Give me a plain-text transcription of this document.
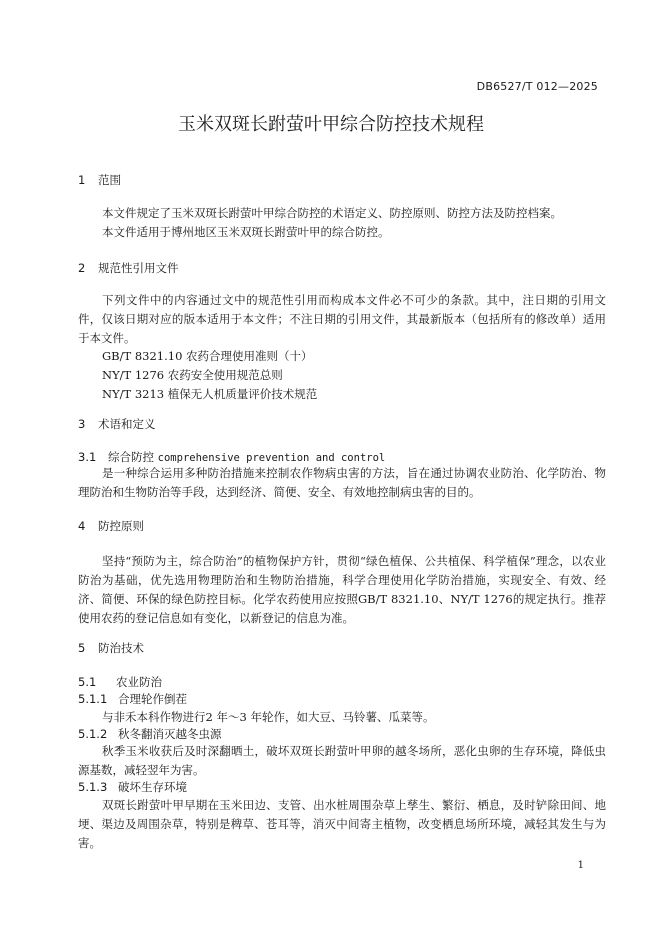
DB6527/T 012—2025
玉米双斑长跗萤叶甲综合防控技术规程
1 范围
本文件规定了玉米双斑长跗萤叶甲综合防控的术语定义、防控原则、防控方法及防控档案。
本文件适用于博州地区玉米双斑长跗萤叶甲的综合防控。
2 规范性引用文件
下列文件中的内容通过文中的规范性引用而构成本文件必不可少的条款。其中，注日期的引用文件，仅该日期对应的版本适用于本文件；不注日期的引用文件，其最新版本（包括所有的修改单）适用于本文件。
GB/T 8321.10 农药合理使用准则（十）
NY/T 1276 农药安全使用规范总则
NY/T 3213 植保无人机质量评价技术规范
3 术语和定义
3.1 综合防控 comprehensive prevention and control
是一种综合运用多种防治措施来控制农作物病虫害的方法，旨在通过协调农业防治、化学防治、物理防治和生物防治等手段，达到经济、简便、安全、有效地控制病虫害的目的。
4 防控原则
坚持“预防为主，综合防治”的植物保护方针，贯彻“绿色植保、公共植保、科学植保”理念，以农业防治为基础，优先选用物理防治和生物防治措施，科学合理使用化学防治措施，实现安全、有效、经济、简便、环保的绿色防控目标。化学农药使用应按照GB/T 8321.10、NY/T 1276的规定执行。推荐使用农药的登记信息如有变化，以新登记的信息为准。
5 防治技术
5.1 农业防治
5.1.1 合理轮作倒茬
与非禾本科作物进行2 年～3 年轮作，如大豆、马铃薯、瓜菜等。
5.1.2 秋冬翻消灭越冬虫源
秋季玉米收获后及时深翻晒土，破坏双斑长跗萤叶甲卵的越冬场所，恶化虫卵的生存环境，降低虫源基数，减轻翌年为害。
5.1.3 破坏生存环境
双斑长跗萤叶甲早期在玉米田边、支管、出水桩周围杂草上孳生、繁衍、栖息，及时铲除田间、地埂、渠边及周围杂草，特别是稗草、苍耳等，消灭中间寄主植物，改变栖息场所环境，减轻其发生与为害。
1
